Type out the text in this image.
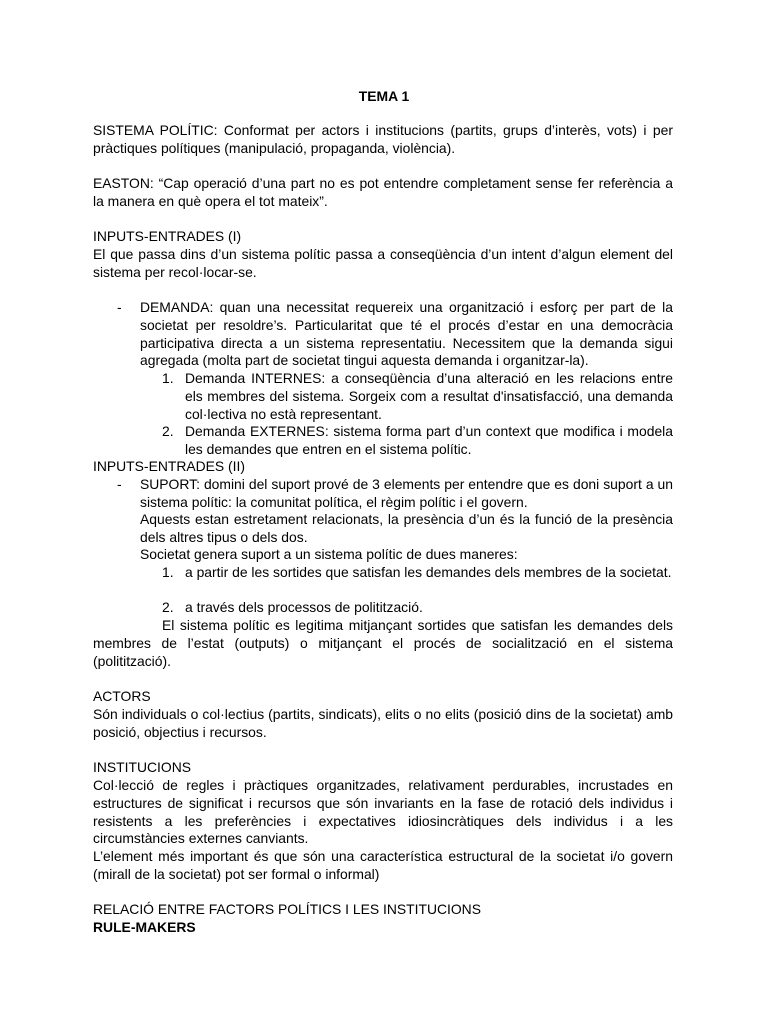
TEMA 1
SISTEMA POLÍTIC: Conformat per actors i institucions (partits, grups d’interès, vots) i per pràctiques polítiques (manipulació, propaganda, violència).
EASTON: “Cap operació d’una part no es pot entendre completament sense fer referència a la manera en què opera el tot mateix”.
INPUTS-ENTRADES (I)
El que passa dins d’un sistema polític passa a conseqüència d’un intent d’algun element del sistema per recol·locar-se.
- DEMANDA: quan una necessitat requereix una organització i esforç per part de la societat per resoldre’s. Particularitat que té el procés d’estar en una democràcia participativa directa a un sistema representatiu. Necessitem que la demanda sigui agregada (molta part de societat tingui aquesta demanda i organitzar-la).
1. Demanda INTERNES: a conseqüència d’una alteració en les relacions entre els membres del sistema. Sorgeix com a resultat d'insatisfacció, una demanda col·lectiva no està representant.
2. Demanda EXTERNES: sistema forma part d’un context que modifica i modela les demandes que entren en el sistema polític.
INPUTS-ENTRADES (II)
- SUPORT: domini del suport prové de 3 elements per entendre que es doni suport a un sistema polític: la comunitat política, el règim polític i el govern.
Aquests estan estretament relacionats, la presència d’un és la funció de la presència dels altres tipus o dels dos.
Societat genera suport a un sistema polític de dues maneres:
1. a partir de les sortides que satisfan les demandes dels membres de la societat.
2. a través dels processos de politització.
El sistema polític es legitima mitjançant sortides que satisfan les demandes dels membres de l’estat (outputs) o mitjançant el procés de socialització en el sistema (politització).
ACTORS
Són individuals o col·lectius (partits, sindicats), elits o no elits (posició dins de la societat) amb posició, objectius i recursos.
INSTITUCIONS
Col·lecció de regles i pràctiques organitzades, relativament perdurables, incrustades en estructures de significat i recursos que són invariants en la fase de rotació dels individus i resistents a les preferències i expectatives idiosincràtiques dels individus i a les circumstàncies externes canviants.
L’element més important és que són una característica estructural de la societat i/o govern (mirall de la societat) pot ser formal o informal)
RELACIÓ ENTRE FACTORS POLÍTICS I LES INSTITUCIONS
RULE-MAKERS
